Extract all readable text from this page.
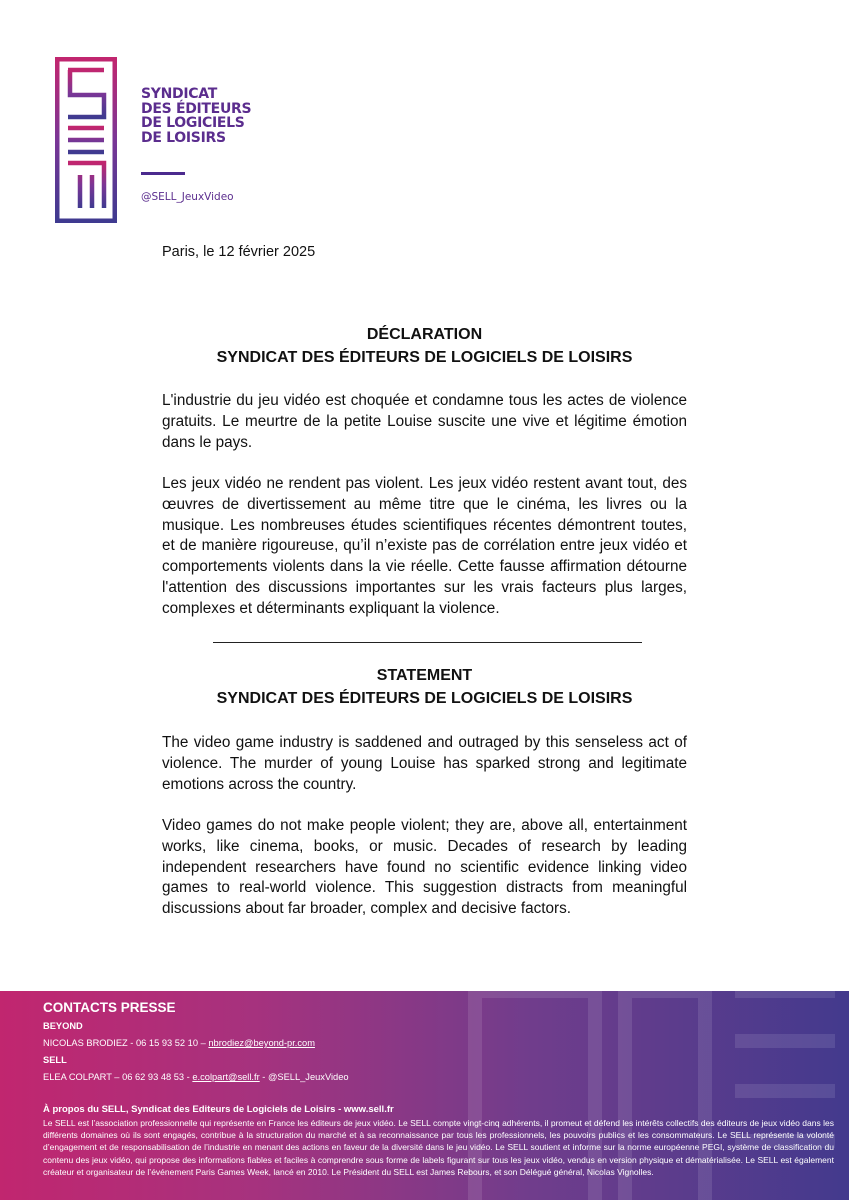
SYNDICAT
DES ÉDITEURS
DE LOGICIELS
DE LOISIRS
@SELL_JeuxVideo
Paris, le 12 février 2025
DÉCLARATION
SYNDICAT DES ÉDITEURS DE LOGICIELS DE LOISIRS
L'industrie du jeu vidéo est choquée et condamne tous les actes de violence gratuits. Le meurtre de la petite Louise suscite une vive et légitime émotion dans le pays.
Les jeux vidéo ne rendent pas violent. Les jeux vidéo restent avant tout, des œuvres de divertissement au même titre que le cinéma, les livres ou la musique. Les nombreuses études scientifiques récentes démontrent toutes, et de manière rigoureuse, qu’il n’existe pas de corrélation entre jeux vidéo et comportements violents dans la vie réelle. Cette fausse affirmation détourne l'attention des discussions importantes sur les vrais facteurs plus larges, complexes et déterminants expliquant la violence.
STATEMENT
SYNDICAT DES ÉDITEURS DE LOGICIELS DE LOISIRS
The video game industry is saddened and outraged by this senseless act of violence. The murder of young Louise has sparked strong and legitimate emotions across the country.
Video games do not make people violent; they are, above all, entertainment works, like cinema, books, or music. Decades of research by leading independent researchers have found no scientific evidence linking video games to real-world violence. This suggestion distracts from meaningful discussions about far broader, complex and decisive factors.
CONTACTS PRESSE
BEYOND
NICOLAS BRODIEZ - 06 15 93 52 10 – nbrodiez@beyond-pr.com
SELL
ELEA COLPART – 06 62 93 48 53 - e.colpart@sell.fr - @SELL_JeuxVideo
À propos du SELL, Syndicat des Editeurs de Logiciels de Loisirs - www.sell.fr
Le SELL est l’association professionnelle qui représente en France les éditeurs de jeux vidéo. Le SELL compte vingt-cinq adhérents, il promeut et défend les intérêts collectifs des éditeurs de jeux vidéo dans les différents domaines où ils sont engagés, contribue à la structuration du marché et à sa reconnaissance par tous les professionnels, les pouvoirs publics et les consommateurs. Le SELL représente la volonté d’engagement et de responsabilisation de l’industrie en menant des actions en faveur de la diversité dans le jeu vidéo. Le SELL soutient et informe sur la norme européenne PEGI, système de classification du contenu des jeux vidéo, qui propose des informations fiables et faciles à comprendre sous forme de labels figurant sur tous les jeux vidéo, vendus en version physique et dématérialisée. Le SELL est également créateur et organisateur de l’événement Paris Games Week, lancé en 2010. Le Président du SELL est James Rebours, et son Délégué général, Nicolas Vignolles.
